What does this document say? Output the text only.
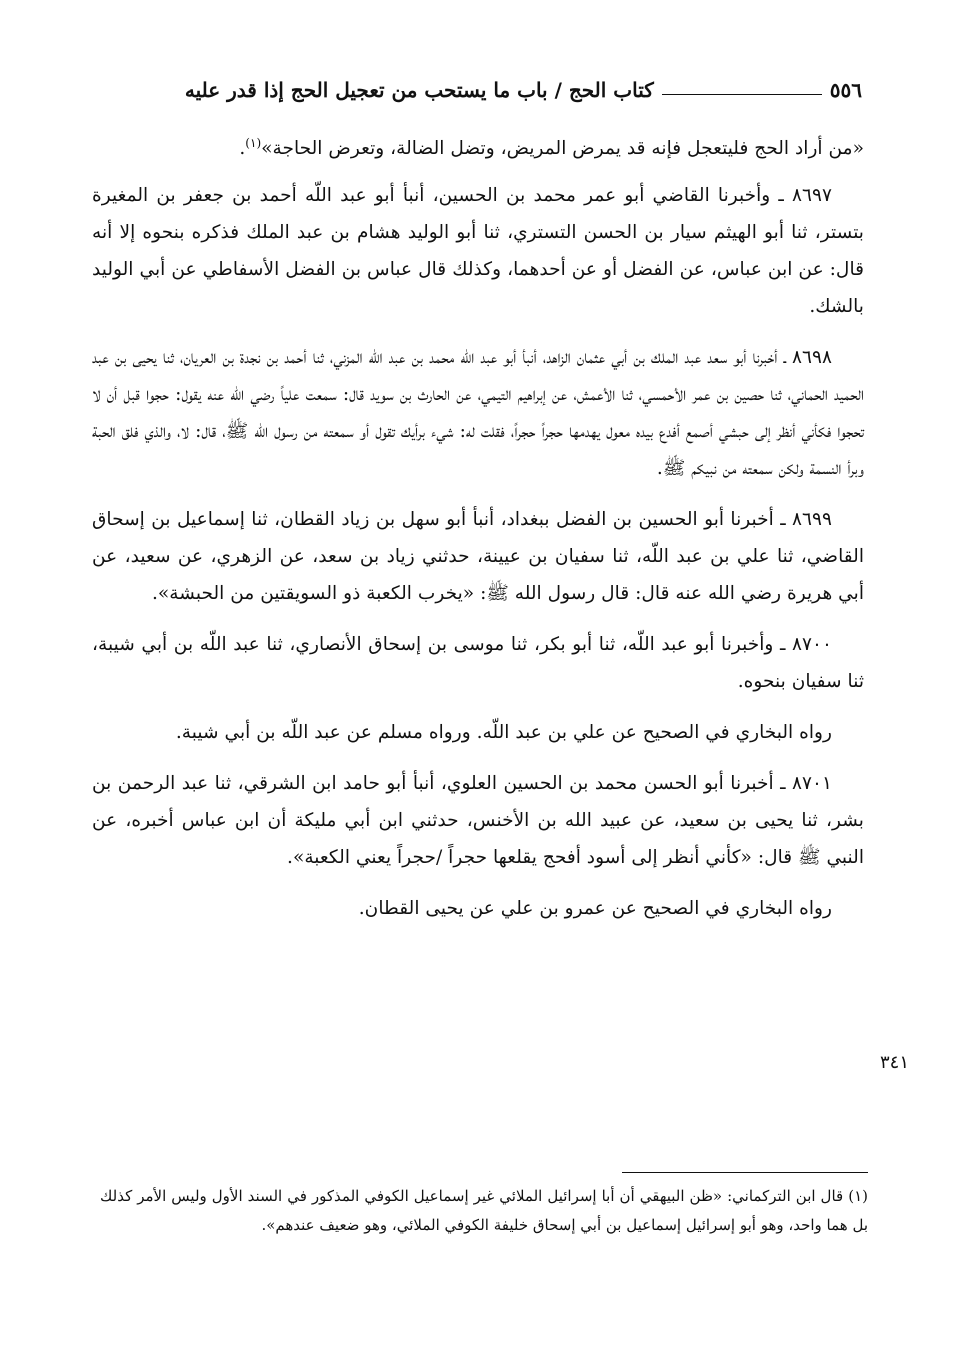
٥٥٦
كتاب الحج / باب ما يستحب من تعجيل الحج إذا قدر عليه

«من أراد الحج فليتعجل فإنه قد يمرض المريض، وتضل الضالة، وتعرض الحاجة»$^{(١)}$.

٨٦٩٧ ـ وأخبرنا القاضي أبو عمر محمد بن الحسين، أنبأ أبو عبد اللّه أحمد بن جعفر بن المغيرة بتستر، ثنا أبو الهيثم سيار بن الحسن التستري، ثنا أبو الوليد هشام بن عبد الملك فذكره بنحوه إلا أنه قال: عن ابن عباس، عن الفضل أو عن أحدهما، وكذلك قال عباس بن الفضل الأسفاطي عن أبي الوليد بالشك.

٨٦٩٨ ـ أخبرنا أبو سعد عبد الملك بن أبي عثمان الزاهد، أنبأ أبو عبد اللّه محمد بن عبد اللّه المزني، ثنا أحمد بن نجدة بن العريان، ثنا يحيى بن عبد الحميد الحماني، ثنا حصين بن عمر الأحمسي، ثنا الأعمش، عن إبراهيم التيمي، عن الحارث بن سويد قال: سمعت علياً رضي الله عنه يقول: حجوا قبل أن لا تحجوا فكأني أنظر إلى حبشي أصمع أفدع بيده معول يهدمها حجراً حجراً، فقلت له: شيء برأيك تقول أو سمعته من رسول الله ﷺ، قال: لا، والذي فلق الحبة وبرأ النسمة ولكن سمعته من نبيكم ﷺ.

٨٦٩٩ ـ أخبرنا أبو الحسين بن الفضل ببغداد، أنبأ أبو سهل بن زياد القطان، ثنا إسماعيل بن إسحاق القاضي، ثنا علي بن عبد اللّه، ثنا سفيان بن عيينة، حدثني زياد بن سعد، عن الزهري، عن سعيد، عن أبي هريرة رضي الله عنه قال: قال رسول الله ﷺ: «يخرب الكعبة ذو السويقتين من الحبشة».

٨٧٠٠ ـ وأخبرنا أبو عبد اللّه، ثنا أبو بكر، ثنا موسى بن إسحاق الأنصاري، ثنا عبد اللّه بن أبي شيبة، ثنا سفيان بنحوه.

رواه البخاري في الصحيح عن علي بن عبد اللّه. ورواه مسلم عن عبد اللّه بن أبي شيبة.

٨٧٠١ ـ أخبرنا أبو الحسن محمد بن الحسين العلوي، أنبأ أبو حامد ابن الشرقي، ثنا عبد الرحمن بن بشر، ثنا يحيى بن سعيد، عن عبيد الله بن الأخنس، حدثني ابن أبي مليكة أن ابن عباس أخبره، عن النبي ﷺ قال: «كأني أنظر إلى أسود أفحج يقلعها حجراً /حجراً يعني الكعبة».

رواه البخاري في الصحيح عن عمرو بن علي عن يحيى القطان.

٣٤١

(١) قال ابن التركماني: «ظن البيهقي أن أبا إسرائيل الملائي غير إسماعيل الكوفي المذكور في السند الأول وليس الأمر كذلك بل هما واحد، وهو أبو إسرائيل إسماعيل بن أبي إسحاق خليفة الكوفي الملائي، وهو ضعيف عندهم».
